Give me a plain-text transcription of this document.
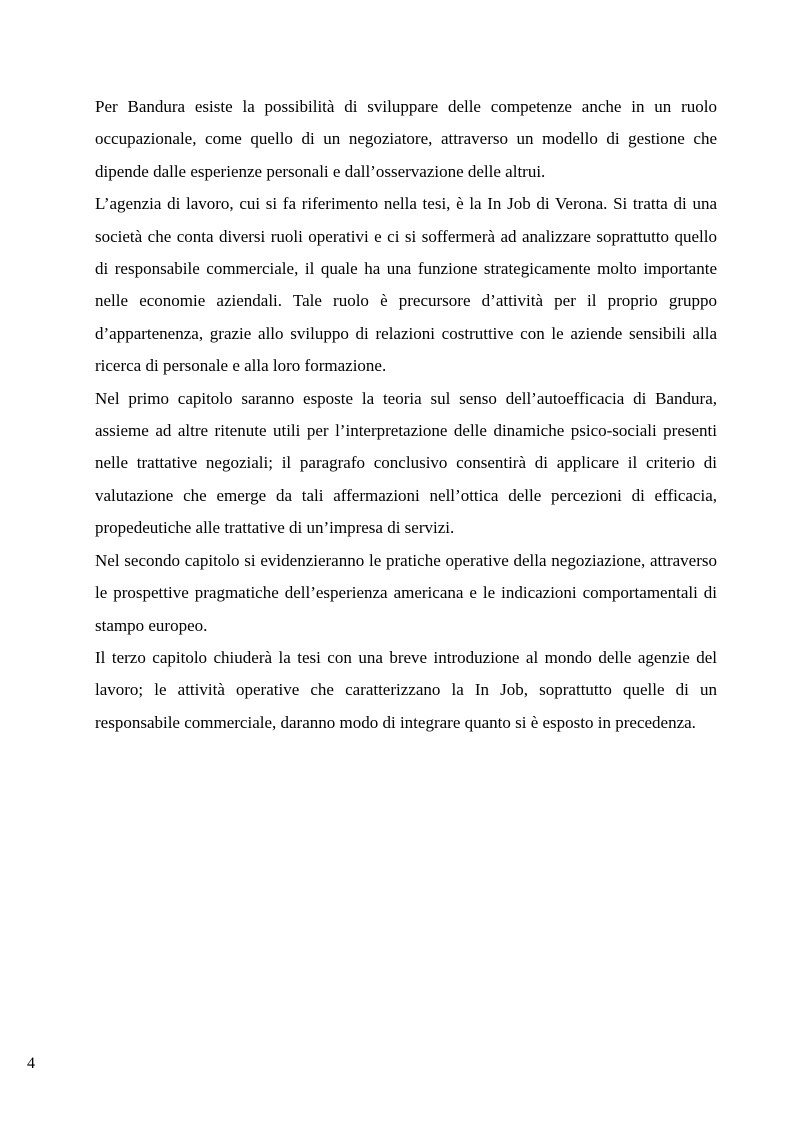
Per Bandura esiste la possibilità di sviluppare delle competenze anche in un ruolo occupazionale, come quello di un negoziatore, attraverso un modello di gestione che dipende dalle esperienze personali e dall’osservazione delle altrui.

L’agenzia di lavoro, cui si fa riferimento nella tesi, è la In Job di Verona. Si tratta di una società che conta diversi ruoli operativi e ci si soffermerà ad analizzare soprattutto quello di responsabile commerciale, il quale ha una funzione strategicamente molto importante nelle economie aziendali. Tale ruolo è precursore d’attività per il proprio gruppo d’appartenenza, grazie allo sviluppo di relazioni costruttive con le aziende sensibili alla ricerca di personale e alla loro formazione.

Nel primo capitolo saranno esposte la teoria sul senso dell’autoefficacia di Bandura, assieme ad altre ritenute utili per l’interpretazione delle dinamiche psico-sociali presenti nelle trattative negoziali; il paragrafo conclusivo consentirà di applicare il criterio di valutazione che emerge da tali affermazioni nell’ottica delle percezioni di efficacia, propedeutiche alle trattative di un’impresa di servizi.

Nel secondo capitolo si evidenzieranno le pratiche operative della negoziazione, attraverso le prospettive pragmatiche dell’esperienza americana e le indicazioni comportamentali di stampo europeo.

Il terzo capitolo chiuderà la tesi con una breve introduzione al mondo delle agenzie del lavoro; le attività operative che caratterizzano la In Job, soprattutto quelle di un responsabile commerciale, daranno modo di integrare quanto si è esposto in precedenza.

4
